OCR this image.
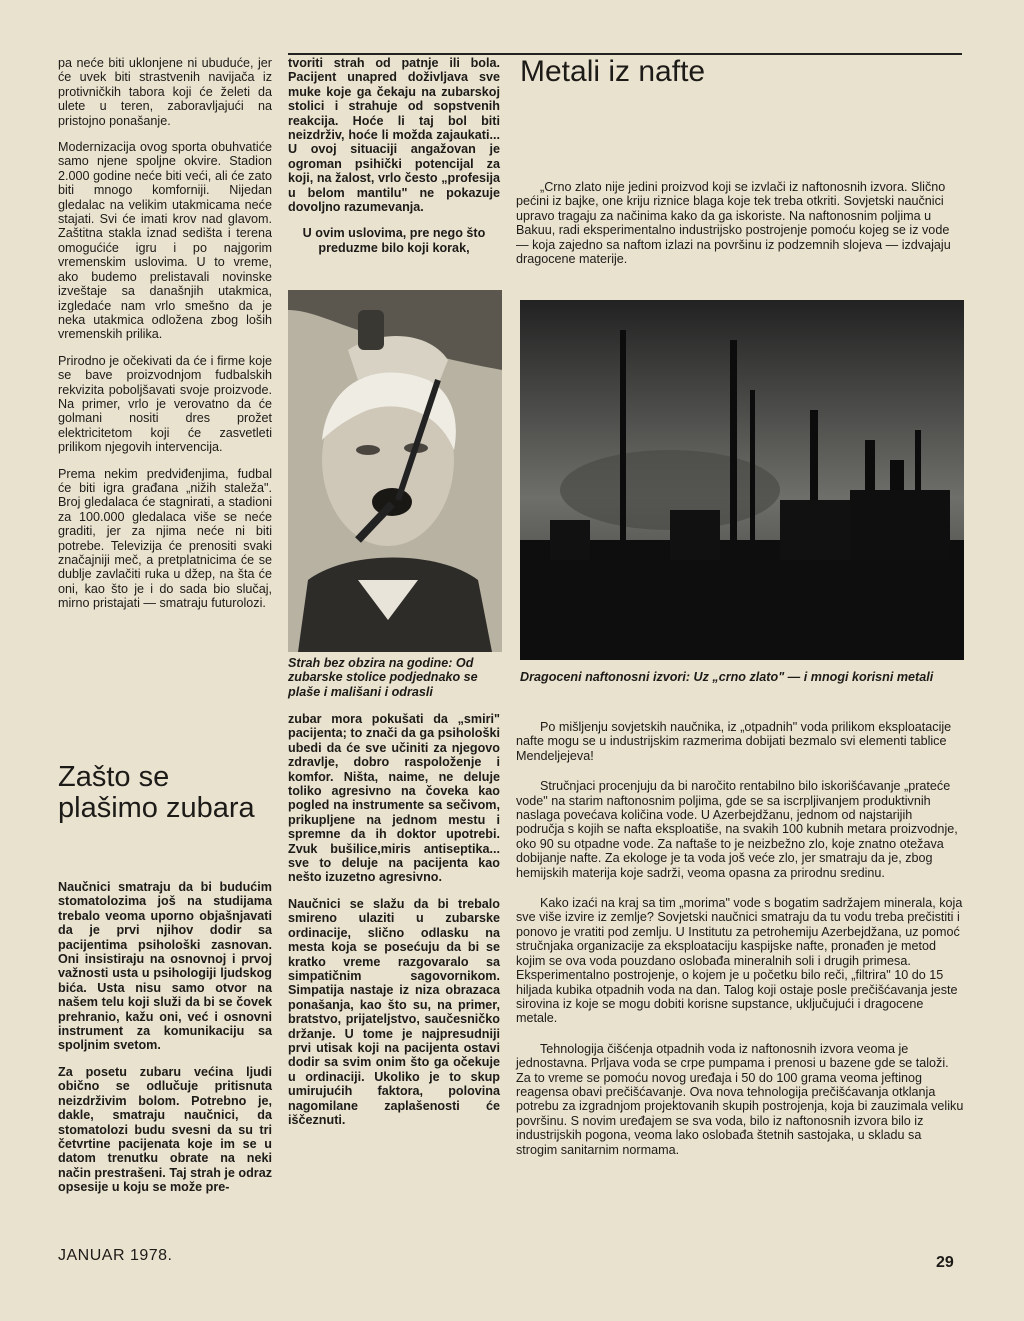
pa neće biti uklonjene ni ubuduće, jer će uvek biti strastvenih navijača iz protivničkih tabora koji će želeti da ulete u teren, zaboravljajući na pristojno ponašanje.

Modernizacija ovog sporta obuhvatiće samo njene spoljne okvire. Stadion 2.000 godine neće biti veći, ali će zato biti mnogo komforniji. Nijedan gledalac na velikim utakmicama neće stajati. Svi će imati krov nad glavom. Zaštitna stakla iznad sedišta i terena omogućiće igru i po najgorim vremenskim uslovima. U to vreme, ako budemo prelistavali novinske izveštaje sa današnjih utakmica, izgledaće nam vrlo smešno da je neka utakmica odložena zbog loših vremenskih prilika.

Prirodno je očekivati da će i firme koje se bave proizvodnjom fudbalskih rekvizita poboljšavati svoje proizvode. Na primer, vrlo je verovatno da će golmani nositi dres prožet elektricitetom koji će zasvetleti prilikom njegovih intervencija.

Prema nekim predviđenjima, fudbal će biti igra građana „nižih staleža". Broj gledalaca će stagnirati, a stadioni za 100.000 gledalaca više se neće graditi, jer za njima neće ni biti potrebe. Televizija će prenositi svaki značajniji meč, a pretplatnicima će se dublje zavlačiti ruka u džep, na šta će oni, kao što je i do sada bio slučaj, mirno pristajati — smatraju futurolozi.

Zašto se plašimo zubara

Naučnici smatraju da bi budućim stomatolozima još na studijama trebalo veoma uporno objašnjavati da je prvi njihov dodir sa pacijentima psihološki zasnovan. Oni insistiraju na osnovnoj i prvoj važnosti usta u psihologiji ljudskog bića. Usta nisu samo otvor na našem telu koji služi da bi se čovek prehranio, kažu oni, već i osnovni instrument za komunikaciju sa spoljnim svetom.

Za posetu zubaru većina ljudi obično se odlučuje pritisnuta neizdrživim bolom. Potrebno je, dakle, smatraju naučnici, da stomatolozi budu svesni da su tri četvrtine pacijenata koje im se u datom trenutku obrate na neki način prestrašeni. Taj strah je odraz opsesije u koju se može pre-

tvoriti strah od patnje ili bola. Pacijent unapred doživljava sve muke koje ga čekaju na zubarskoj stolici i strahuje od sopstvenih reakcija. Hoće li taj bol biti neizdrživ, hoće li možda zajaukati... U ovoj situaciji angažovan je ogroman psihički potencijal za koji, na žalost, vrlo često „profesija u belom mantilu" ne pokazuje dovoljno razumevanja.

U ovim uslovima, pre nego što preduzme bilo koji korak,

Strah bez obzira na godine: Od zubarske stolice podjednako se plaše i mališani i odrasli

zubar mora pokušati da „smiri" pacijenta; to znači da ga psihološki ubedi da će sve učiniti za njegovo zdravlje, dobro raspoloženje i komfor. Ništa, naime, ne deluje toliko agresivno na čoveka kao pogled na instrumente sa sečivom, prikupljene na jednom mestu i spremne da ih doktor upotrebi. Zvuk bušilice,miris antiseptika... sve to deluje na pacijenta kao nešto izuzetno agresivno.

Naučnici se slažu da bi trebalo smireno ulaziti u zubarske ordinacije, slično odlasku na mesta koja se posećuju da bi se kratko vreme razgovaralo sa simpatičnim sagovornikom. Simpatija nastaje iz niza obrazaca ponašanja, kao što su, na primer, bratstvo, prijateljstvo, saučesničko držanje. U tome je najpresudniji prvi utisak koji na pacijenta ostavi dodir sa svim onim što ga očekuje u ordinaciji. Ukoliko je to skup umirujućih faktora, polovina nagomilane zaplašenosti će iščeznuti.

Metali iz nafte

„Crno zlato nije jedini proizvod koji se izvlači iz naftonosnih izvora. Slično pećini iz bajke, one kriju riznice blaga koje tek treba otkriti. Sovjetski naučnici upravo tragaju za načinima kako da ga iskoriste. Na naftonosnim poljima u Bakuu, radi eksperimentalno industrijsko postrojenje pomoću kojeg se iz vode — koja zajedno sa naftom izlazi na površinu iz podzemnih slojeva — izdvajaju dragocene materije.

Dragoceni naftonosni izvori: Uz „crno zlato" — i mnogi korisni metali

Po mišljenju sovjetskih naučnika, iz „otpadnih" voda prilikom eksploatacije nafte mogu se u industrijskim razmerima dobijati bezmalo svi elementi tablice Mendeljejeva!

Stručnjaci procenjuju da bi naročito rentabilno bilo iskorišćavanje „prateće vode" na starim naftonosnim poljima, gde se sa iscrpljivanjem produktivnih naslaga povećava količina vode. U Azerbejdžanu, jednom od najstarijih područja s kojih se nafta eksploatiše, na svakih 100 kubnih metara proizvodnje, oko 90 su otpadne vode. Za naftaše to je neizbežno zlo, koje znatno otežava dobijanje nafte. Za ekologe je ta voda još veće zlo, jer smatraju da je, zbog hemijskih materija koje sadrži, veoma opasna za prirodnu sredinu.

Kako izaći na kraj sa tim „morima" vode s bogatim sadržajem minerala, koja sve više izvire iz zemlje? Sovjetski naučnici smatraju da tu vodu treba prečistiti i ponovo je vratiti pod zemlju. U Institutu za petrohemiju Azerbejdžana, uz pomoć stručnjaka organizacije za eksploataciju kaspijske nafte, pronađen je metod kojim se ova voda pouzdano oslobađa mineralnih soli i drugih primesa. Eksperimentalno postrojenje, o kojem je u početku bilo reči, „filtrira" 10 do 15 hiljada kubika otpadnih voda na dan. Talog koji ostaje posle prečišćavanja jeste sirovina iz koje se mogu dobiti korisne supstance, uključujući i dragocene metale.

Tehnologija čišćenja otpadnih voda iz naftonosnih izvora veoma je jednostavna. Prljava voda se crpe pumpama i prenosi u bazene gde se taloži. Za to vreme se pomoću novog uređaja i 50 do 100 grama veoma jeftinog reagensa obavi prečišćavanje. Ova nova tehnologija prečišćavanja otklanja potrebu za izgradnjom projektovanih skupih postrojenja, koja bi zauzimala veliku površinu. S novim uređajem se sva voda, bilo iz naftonosnih izvora bilo iz industrijskih pogona, veoma lako oslobađa štetnih sastojaka, u skladu sa strogim sanitarnim normama.

JANUAR 1978.	29
